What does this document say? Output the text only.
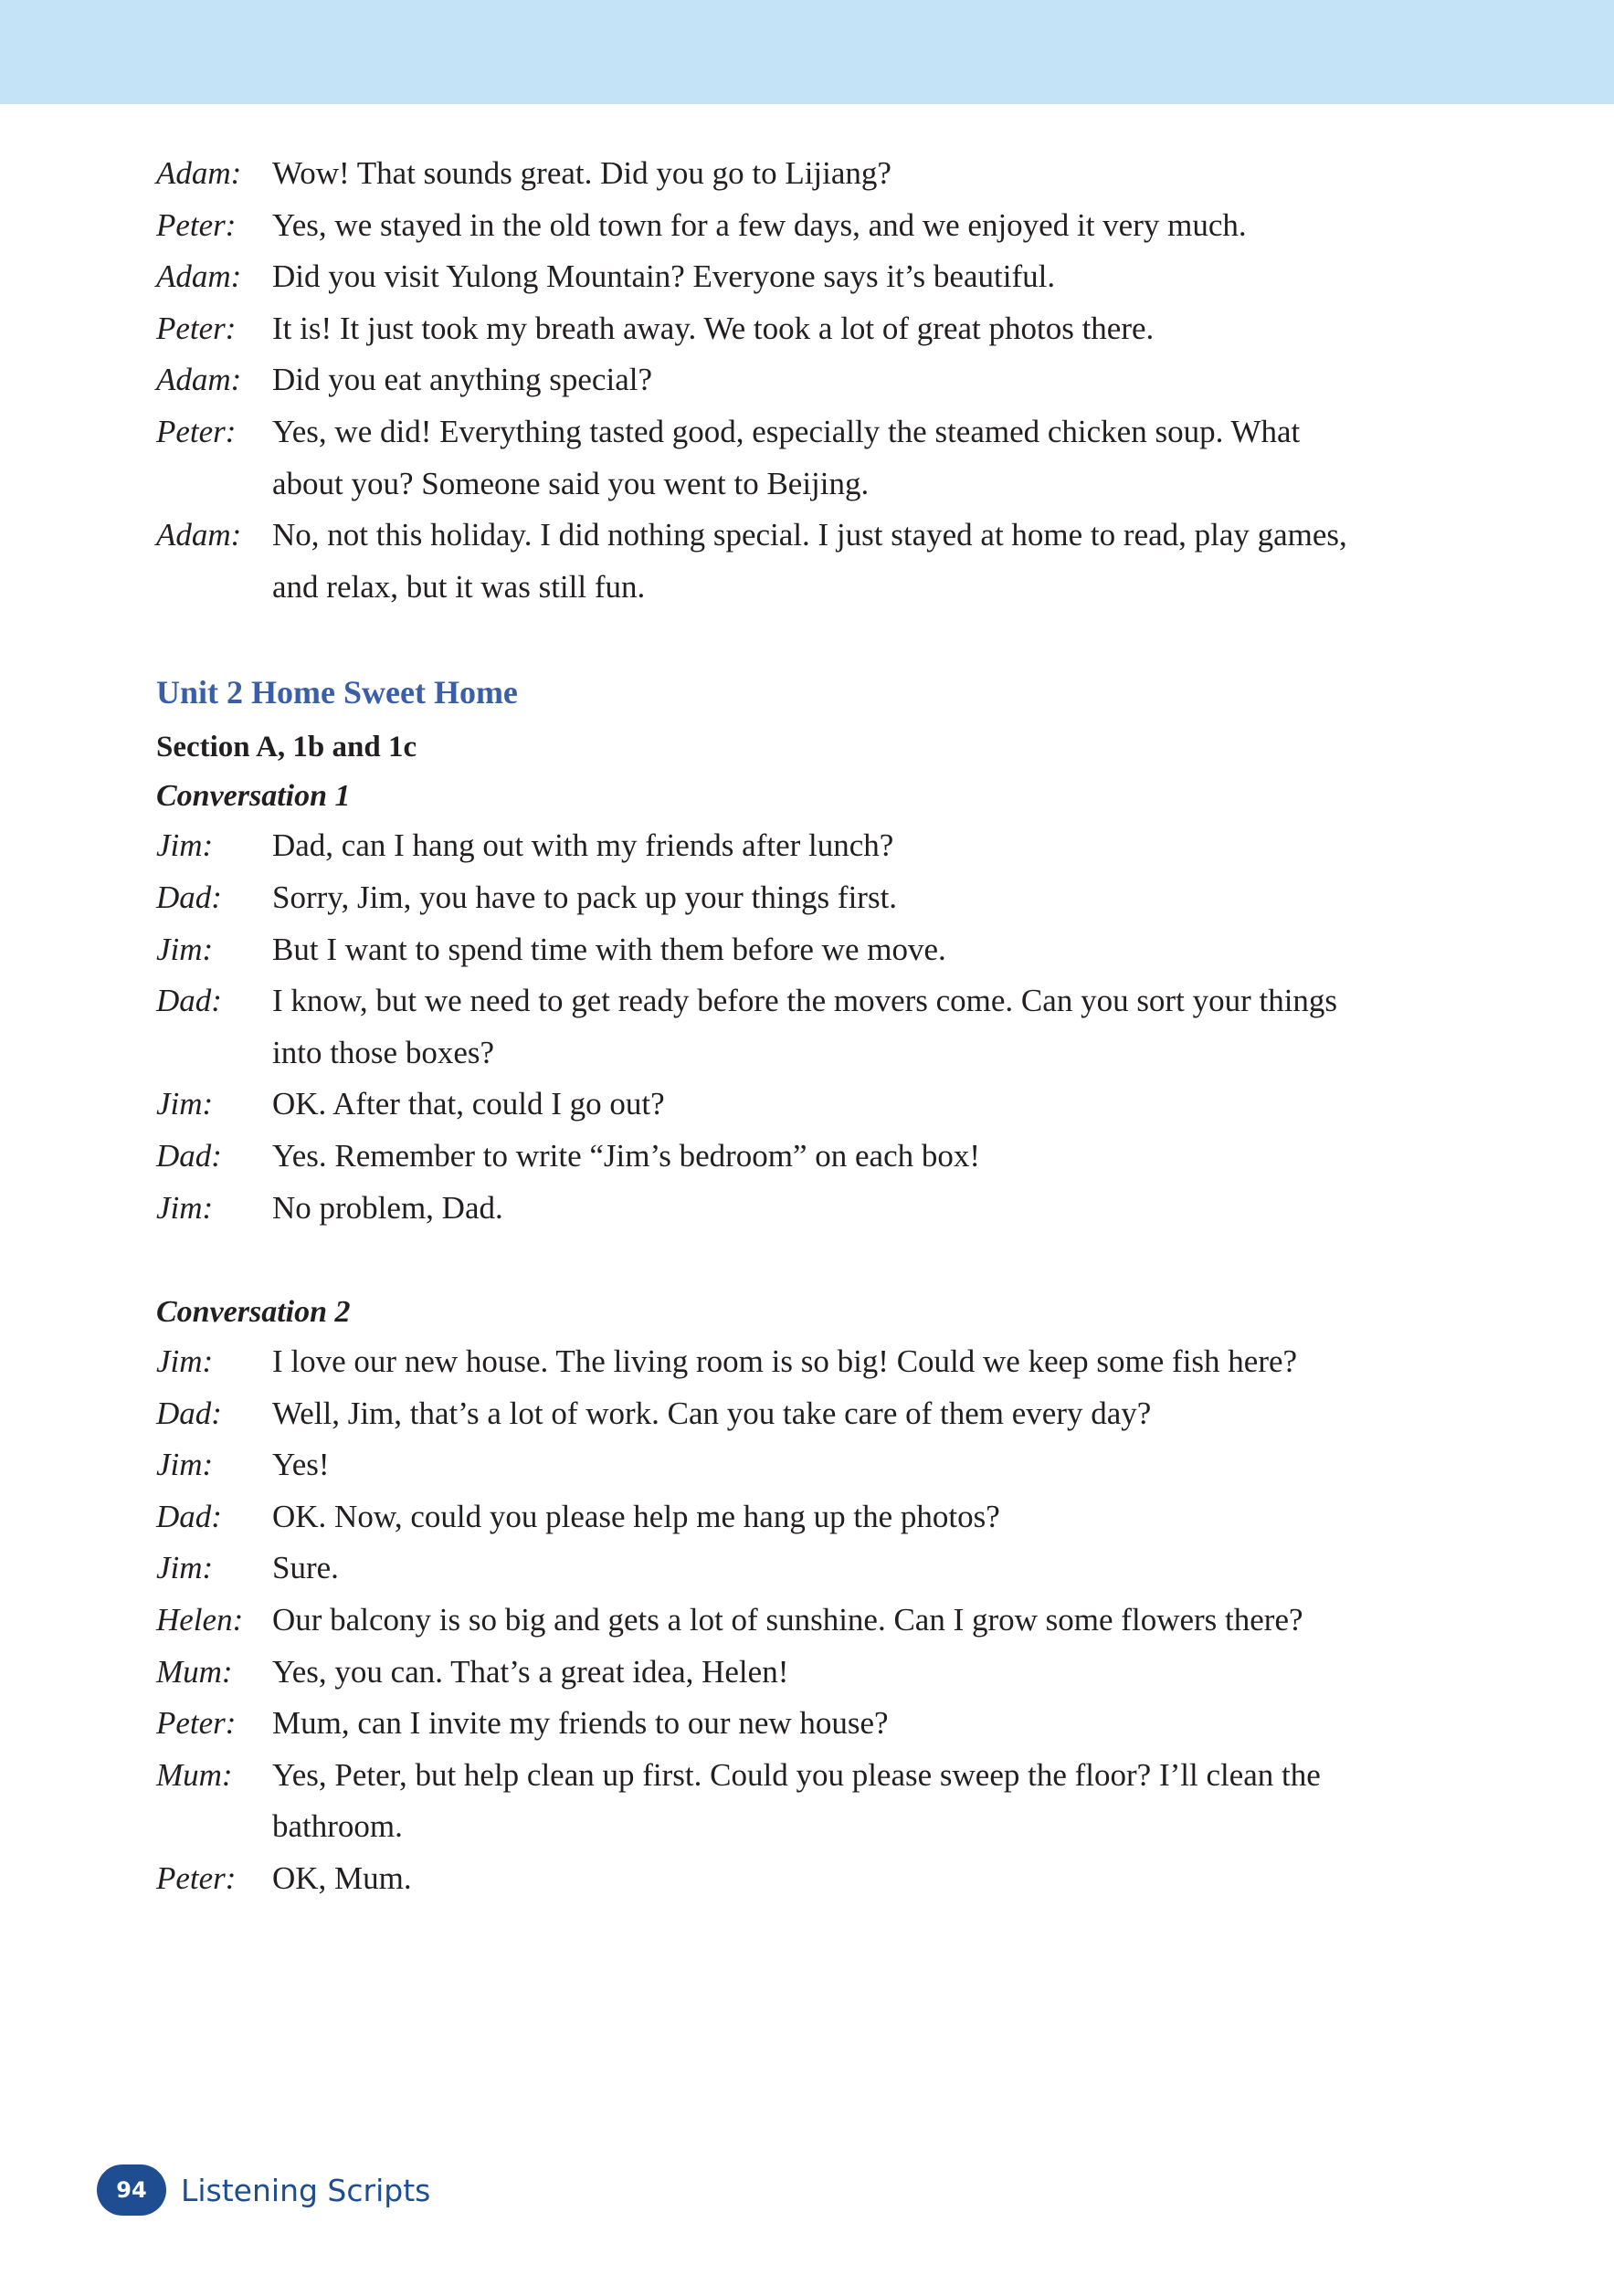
Adam: Wow! That sounds great. Did you go to Lijiang?
Peter:	Yes, we stayed in the old town for a few days, and we enjoyed it very much.
Adam: Did you visit Yulong Mountain? Everyone says it’s beautiful.
Peter:	It is! It just took my breath away. We took a lot of great photos there.
Adam: Did you eat anything special?
Peter:	Yes, we did! Everything tasted good, especially the steamed chicken soup. What
about you? Someone said you went to Beijing.
Adam: No, not this holiday. I did nothing special. I just stayed at home to read, play games,
and relax, but it was still fun.
Unit 2 Home Sweet Home
Section A, 1b and 1c
Conversation 1
Jim:	Dad, can I hang out with my friends after lunch?
Dad:	Sorry, Jim, you have to pack up your things first.
Jim:	But I want to spend time with them before we move.
Dad:	I know, but we need to get ready before the movers come. Can you sort your things
into those boxes?
Jim:	OK. After that, could I go out?
Dad:	Yes. Remember to write “Jim’s bedroom” on each box!
Jim:	No problem, Dad.
Conversation 2
Jim:	I love our new house. The living room is so big! Could we keep some fish here?
Dad:	Well, Jim, that’s a lot of work. Can you take care of them every day?
Jim:	Yes!
Dad:	OK. Now, could you please help me hang up the photos?
Jim:	Sure.
Helen: Our balcony is so big and gets a lot of sunshine. Can I grow some flowers there?
Mum:	Yes, you can. That’s a great idea, Helen!
Peter:	Mum, can I invite my friends to our new house?
Mum:	Yes, Peter, but help clean up first. Could you please sweep the floor? I’ll clean the
bathroom.
Peter:	OK, Mum.
94	Listening Scripts
